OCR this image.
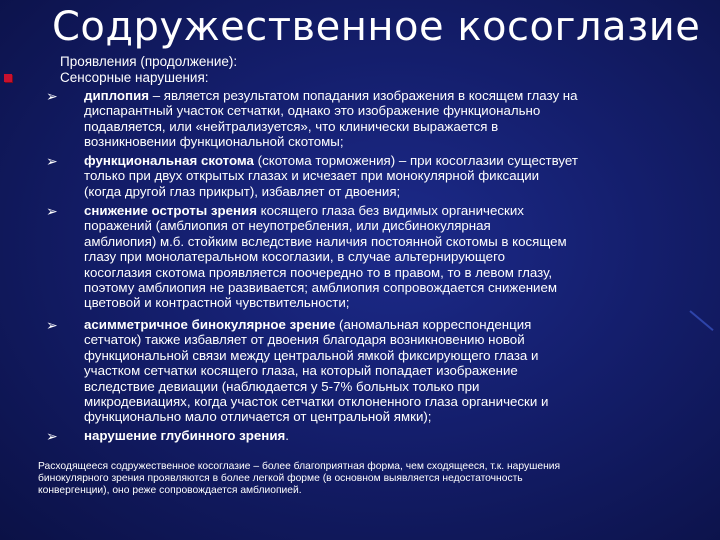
Содружественное косоглазие
Проявления (продолжение):
Сенсорные нарушения:
➢ диплопия – является результатом попадания изображения в косящем глазу на
диспарантный участок сетчатки, однако это изображение функционально
подавляется, или «нейтрализуется», что клинически выражается в
возникновении функциональной скотомы;
➢ функциональная скотома (скотома торможения) – при косоглазии существует
только при двух открытых глазах и исчезает при монокулярной фиксации
(когда другой глаз прикрыт), избавляет от двоения;
➢ снижение остроты зрения косящего глаза без видимых органических
поражений (амблиопия от неупотребления, или дисбинокулярная
амблиопия) м.б. стойким вследствие наличия постоянной скотомы в косящем
глазу при монолатеральном косоглазии, в случае альтернирующего
косоглазия скотома проявляется поочередно то в правом, то в левом глазу,
поэтому амблиопия не развивается; амблиопия сопровождается снижением
цветовой и контрастной чувствительности;
➢ асимметричное бинокулярное зрение (аномальная корреспонденция
сетчаток) также избавляет от двоения благодаря возникновению новой
функциональной связи между центральной ямкой фиксирующего глаза и
участком сетчатки косящего глаза, на который попадает изображение
вследствие девиации (наблюдается у 5-7% больных только при
микродевиациях, когда участок сетчатки отклоненного глаза органически и
функционально мало отличается от центральной ямки);
➢ нарушение глубинного зрения.
Расходящееся содружественное косоглазие – более благоприятная форма, чем сходящееся, т.к. нарушения
бинокулярного зрения проявляются в более легкой форме (в основном выявляется недостаточность
конвергенции), оно реже сопровождается амблиопией.
